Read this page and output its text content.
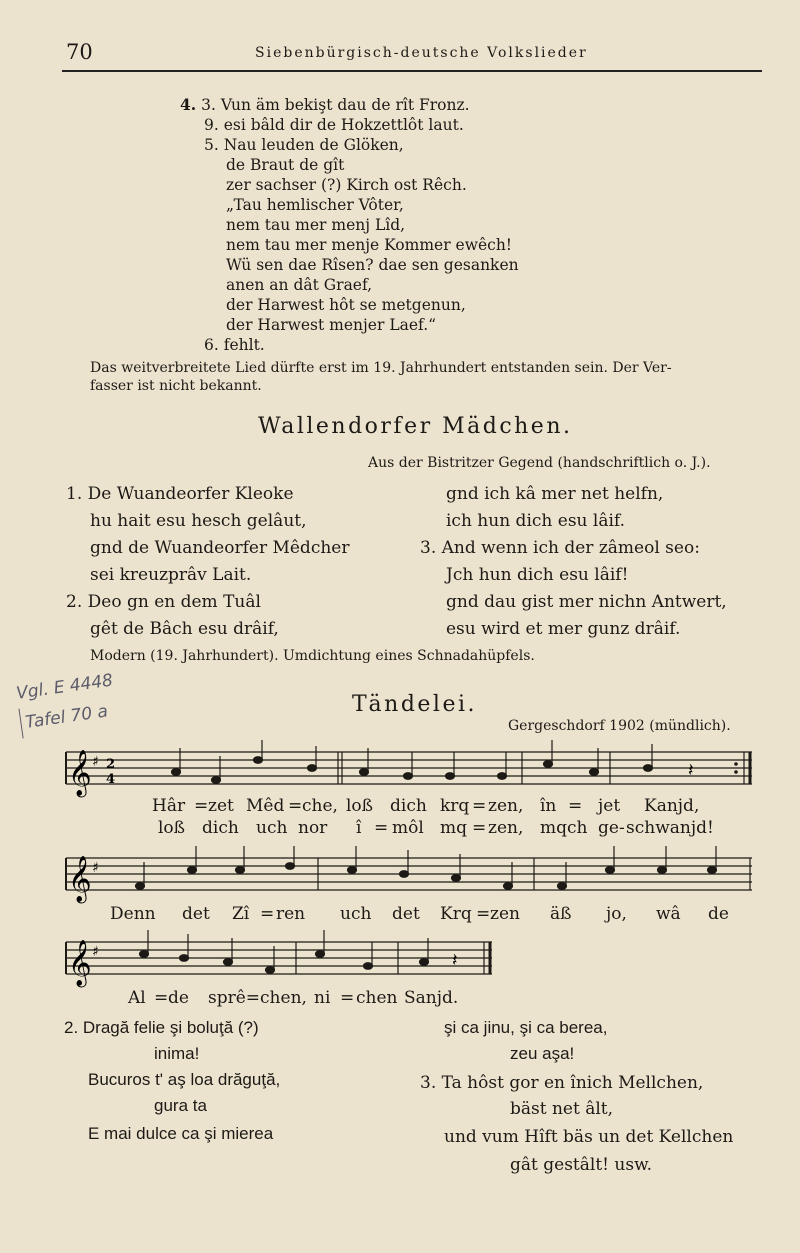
70	Siebenbürgisch-deutsche Volkslieder
4. 3. Vun äm bekişt dau de rît Fronz.
9. esi bâld dir de Hokzettlôt laut.
5. Nau leuden de Glöken,
de Braut de gît
zer sachser (?) Kirch ost Rêch.
„Tau hemlischer Vôter,
nem tau mer menj Lîd,
nem tau mer menje Kommer ewêch!
Wü sen dae Rîsen? dae sen gesanken
anen an dât Graef,
der Harwest hôt se metgenun,
der Harwest menjer Laef.“
6. fehlt.
Das weitverbreitete Lied dürfte erst im 19. Jahrhundert entstanden sein. Der Ver-
fasser ist nicht bekannt.
Wallendorfer Mädchen.
Aus der Bistritzer Gegend (handschriftlich o. J.).
1. De Wuandeorfer Kleoke
hu hait esu hesch gelâut,
gnd de Wuandeorfer Mêdcher
sei kreuzprâv Lait.
2. Deo gn en dem Tuâl
gêt de Bâch esu drâif,
gnd ich kâ mer net helfn,
ich hun dich esu lâif.
3. And wenn ich der zâmeol seo:
Jch hun dich esu lâif!
gnd dau gist mer nichn Antwert,
esu wird et mer gunz drâif.
Modern (19. Jahrhundert). Umdichtung eines Schnadahüpfels.
Vgl. E 4448
Tafel 70 a	Tändelei.
Gergeschdorf 1902 (mündlich).
𝄞 ♯ 2
4	𝄽
Hâr = zet Mêd = che, loß dich krq = zen, în = jet Kanjd,
loß dich uch nor î = môl mq = zen, mqch ge- schwanjd!
𝄞 ♯
Denn det Zî = ren uch det Krq = zen äß jo, wâ de
𝄞 ♯	𝄽
Al = de sprê=chen, ni = chen Sanjd.
2. Dragă felie şi boluţă (?)
inima!
Bucuros t' aş loa drăguţă,
gura ta
E mai dulce ca şi mierea
şi ca jinu, şi ca berea,
zeu aşa!
3. Ta hôst gor en înich Mellchen,
bäst net âlt,
und vum Hîft bäs un det Kellchen
gât gestâlt! usw.
